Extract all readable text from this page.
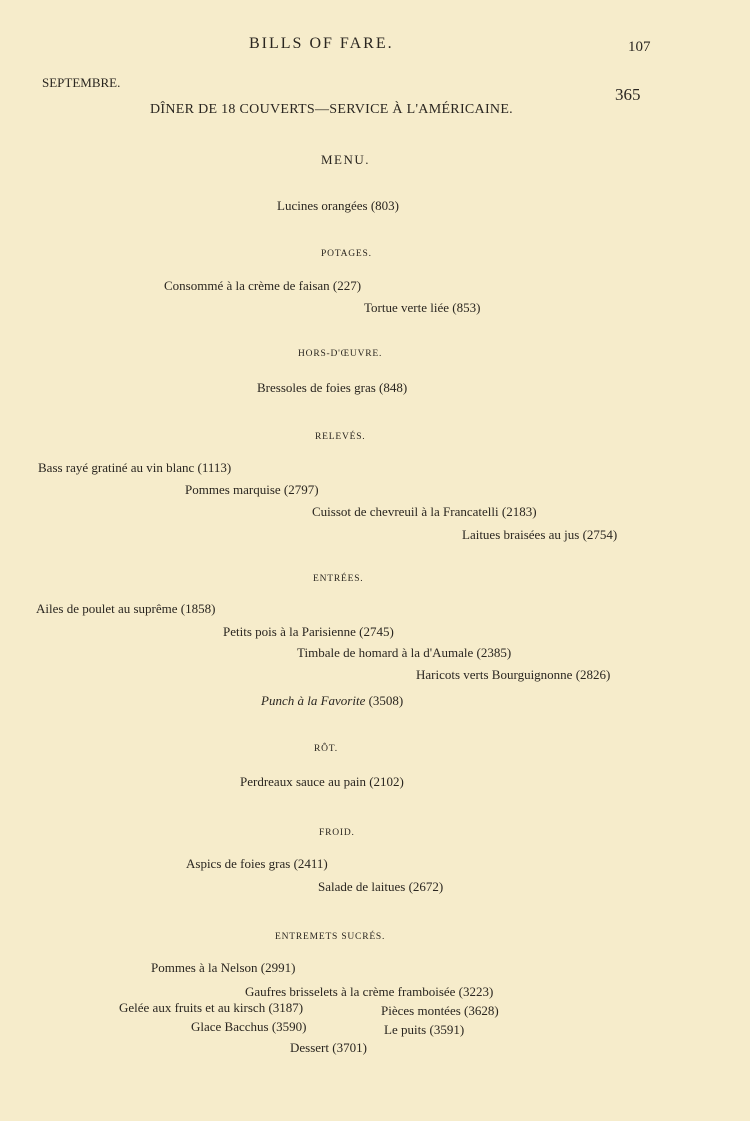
BILLS OF FARE.	107
365
SEPTEMBRE.
DÎNER DE 18 COUVERTS—SERVICE À L'AMÉRICAINE.
MENU.
Lucines orangées (803)
POTAGES.
Consommé à la crème de faisan (227)
Tortue verte liée (853)
HORS-D'ŒUVRE.
Bressoles de foies gras (848)
RELEVÉS.
Bass rayé gratiné au vin blanc (1113)
Pommes marquise (2797)
Cuissot de chevreuil à la Francatelli (2183)
Laitues braisées au jus (2754)
ENTRÉES.
Ailes de poulet au suprême (1858)
Petits pois à la Parisienne (2745)
Timbale de homard à la d'Aumale (2385)
Haricots verts Bourguignonne (2826)
Punch à la Favorite (3508)
RÔT.
Perdreaux sauce au pain (2102)
FROID.
Aspics de foies gras (2411)
Salade de laitues (2672)
ENTREMETS SUCRÉS.
Pommes à la Nelson (2991)
Gaufres brisselets à la crème framboisée (3223)
Gelée aux fruits et au kirsch (3187)	Pièces montées (3628)
Glace Bacchus (3590)	Le puits (3591)
Dessert (3701)
